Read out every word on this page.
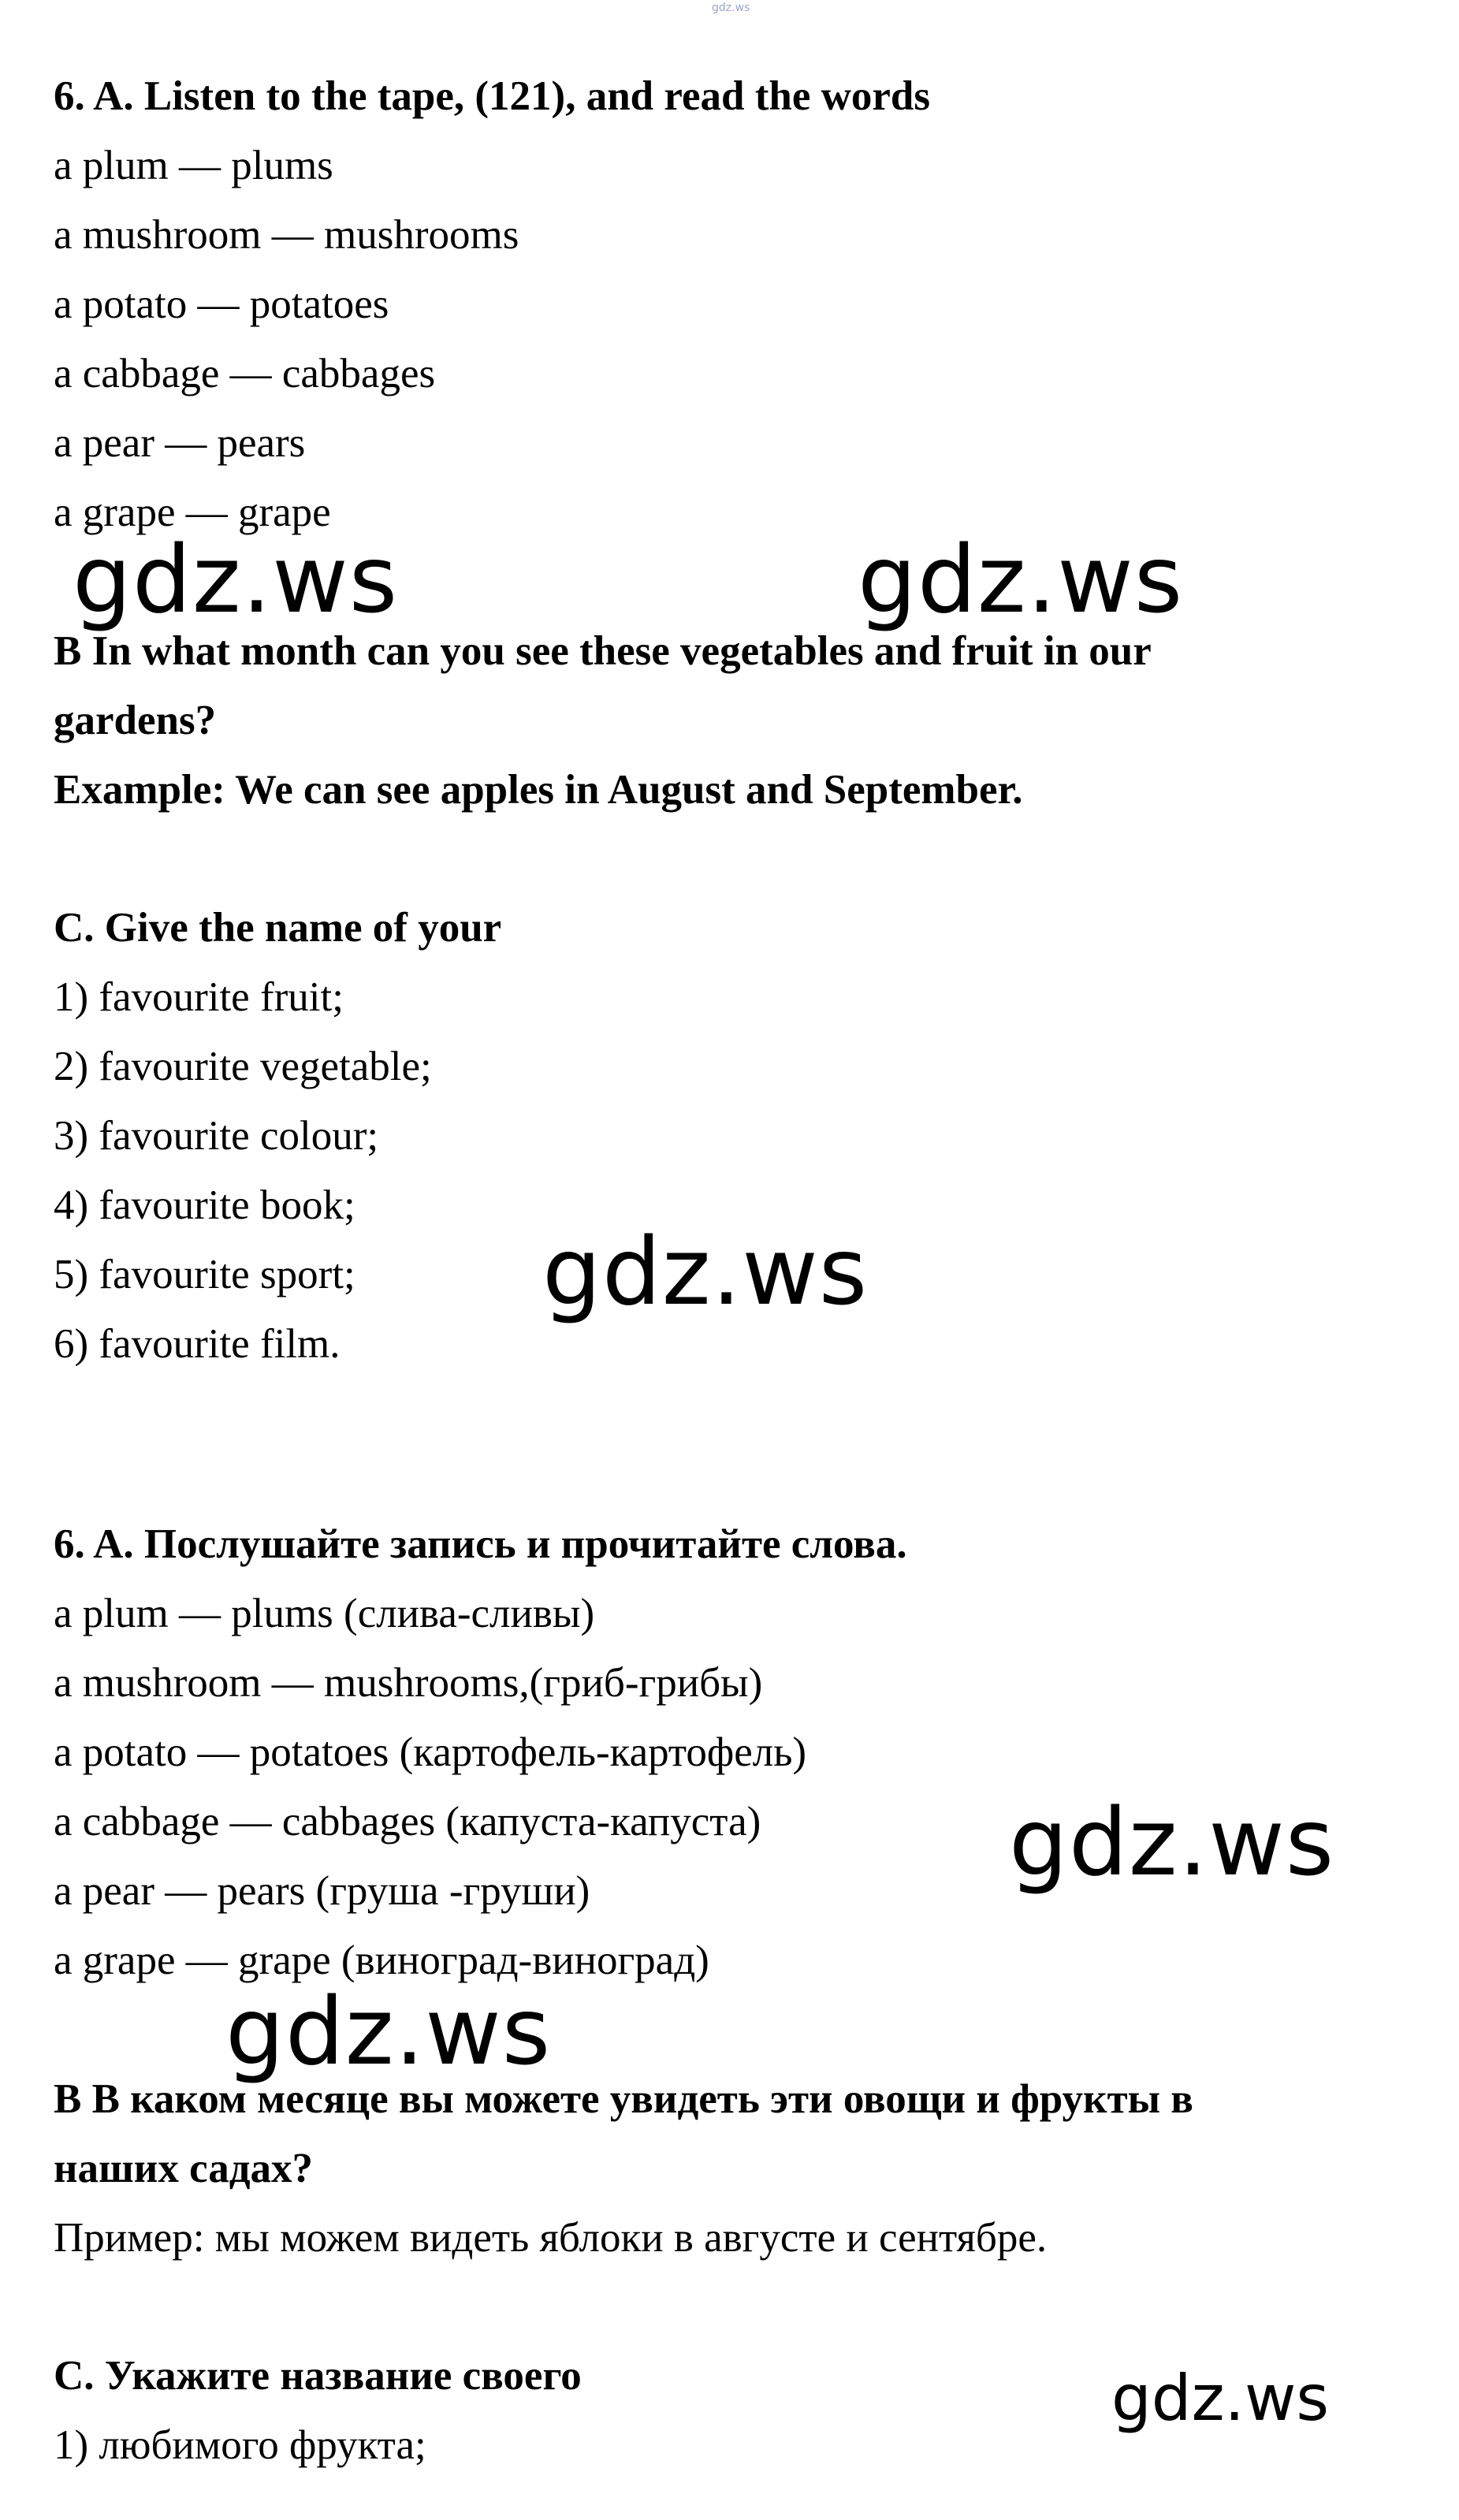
gdz.ws

6. A. Listen to the tape, (121), and read the words

a plum — plums

a mushroom — mushrooms

a potato — potatoes

a cabbage — cabbages

a pear — pears

a grape — grape

gdz.ws	gdz.ws

B In what month can you see these vegetables and fruit in our

gardens?

Example: We can see apples in August and September.

C. Give the name of your

1) favourite fruit;

2) favourite vegetable;

3) favourite colour;

4) favourite book;

5) favourite sport;

6) favourite film.

gdz.ws

6. A. Послушайте запись и прочитайте слова.

a plum — plums (слива-сливы)

a mushroom — mushrooms,(гриб-грибы)

a potato — potatoes (картофель-картофель)

a cabbage — cabbages (капуста-капуста)

a pear — pears (груша -груши)

a grape — grape (виноград-виноград)

gdz.ws
gdz.ws

B В каком месяце вы можете увидеть эти овощи и фрукты в

наших садах?

Пример: мы можем видеть яблоки в августе и сентябре.

C. Укажите название своего

1) любимого фрукта;

gdz.ws
